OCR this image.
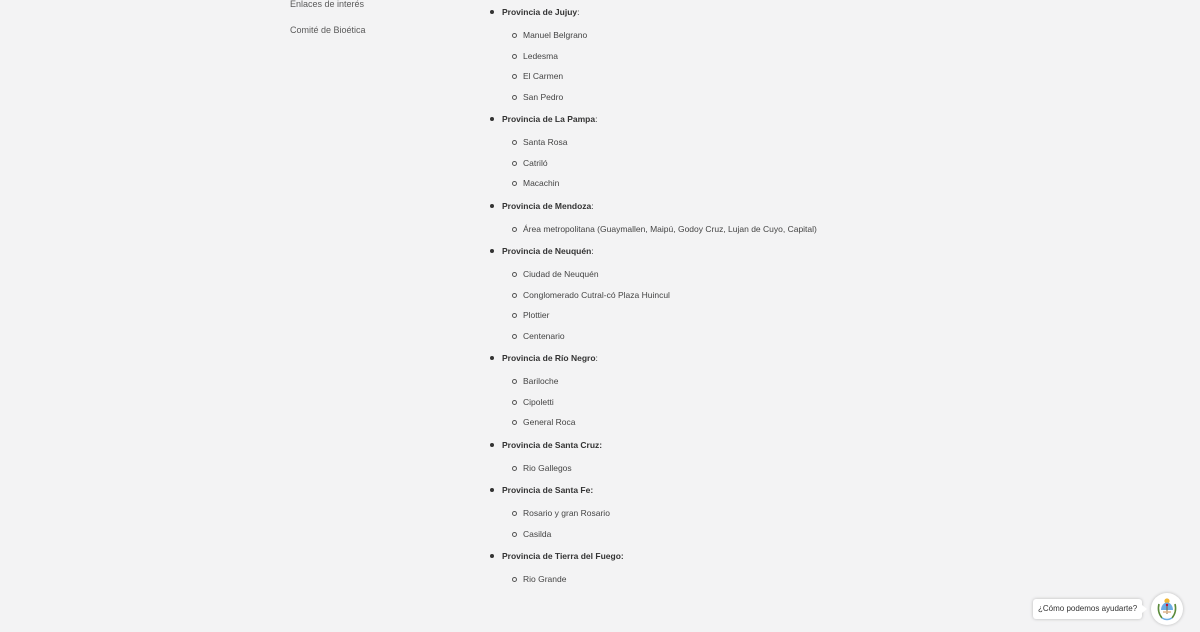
Enlaces de interés
Comité de Bioética
Provincia de Jujuy:
Manuel Belgrano
Ledesma
El Carmen
San Pedro
Provincia de La Pampa:
Santa Rosa
Catriló
Macachin
Provincia de Mendoza:
Área metropolitana (Guaymallen, Maipú, Godoy Cruz, Lujan de Cuyo, Capital)
Provincia de Neuquén:
Ciudad de Neuquén
Conglomerado Cutral-có Plaza Huincul
Plottier
Centenario
Provincia de Río Negro:
Bariloche
Cipoletti
General Roca
Provincia de Santa Cruz:
Rio Gallegos
Provincia de Santa Fe:
Rosario y gran Rosario
Casilda
Provincia de Tierra del Fuego:
Rio Grande
¿Cómo podemos ayudarte?
